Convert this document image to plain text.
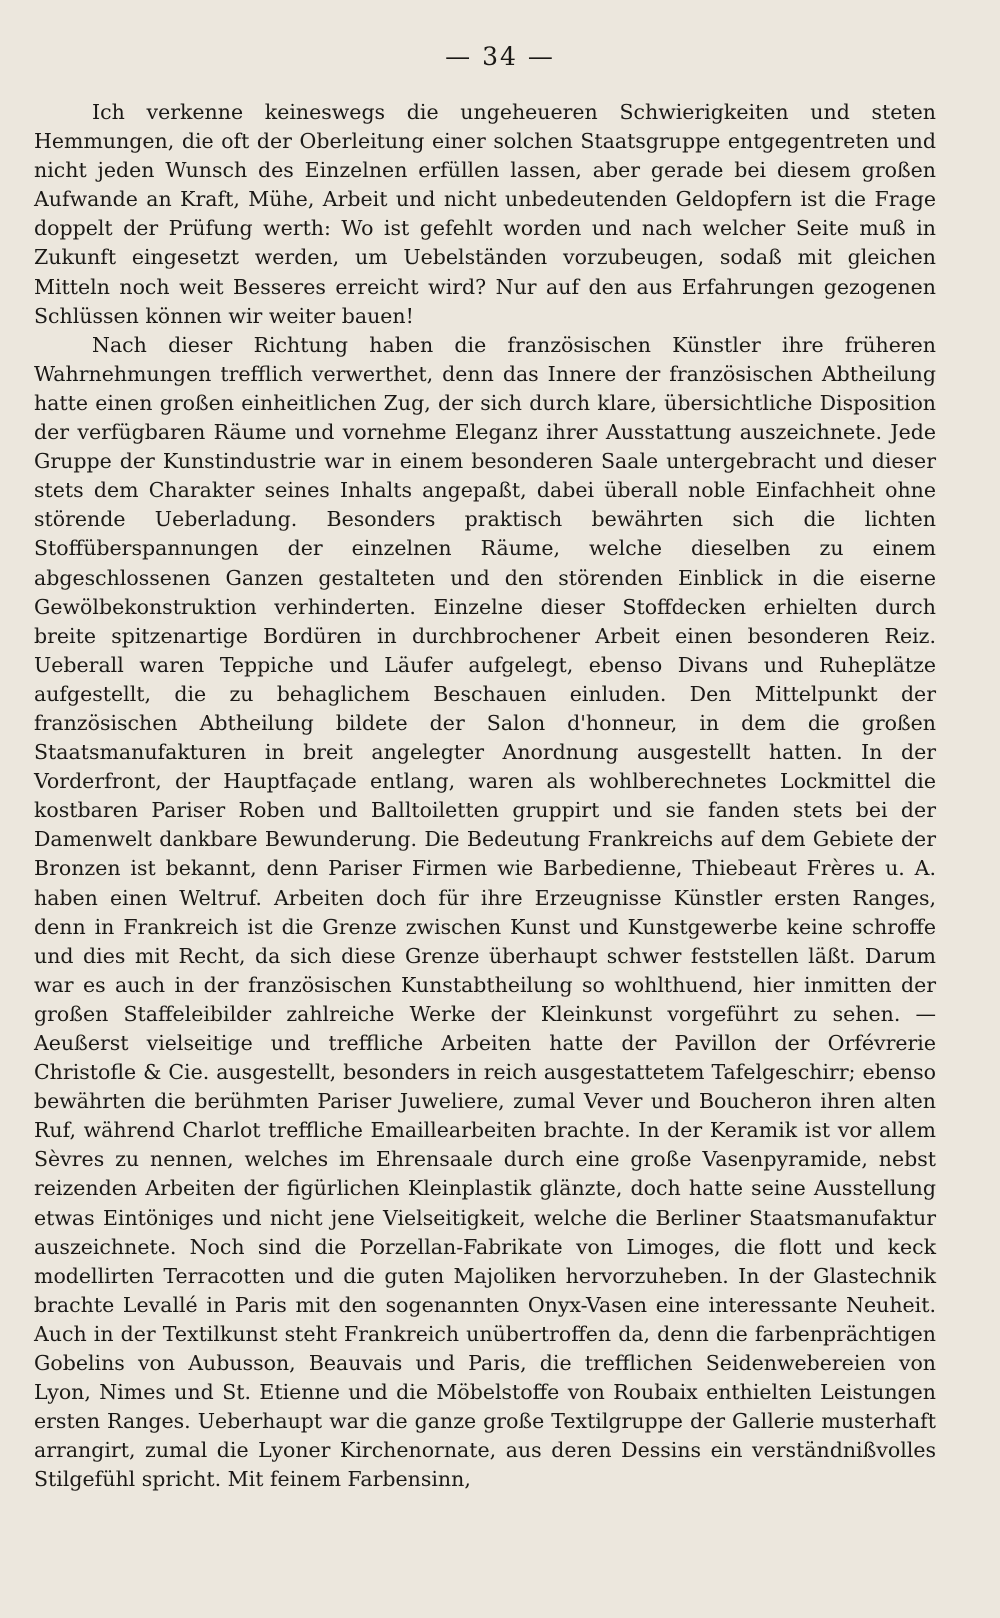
— 34 —

Ich verkenne keineswegs die ungeheueren Schwierigkeiten und steten Hemmungen, die oft der Oberleitung einer solchen Staatsgruppe entgegentreten und nicht jeden Wunsch des Einzelnen erfüllen lassen, aber gerade bei diesem großen Aufwande an Kraft, Mühe, Arbeit und nicht unbedeutenden Geldopfern ist die Frage doppelt der Prüfung werth: Wo ist gefehlt worden und nach welcher Seite muß in Zukunft eingesetzt werden, um Uebelständen vorzubeugen, sodaß mit gleichen Mitteln noch weit Besseres erreicht wird? Nur auf den aus Erfahrungen gezogenen Schlüssen können wir weiter bauen!

Nach dieser Richtung haben die französischen Künstler ihre früheren Wahrnehmungen trefflich verwerthet, denn das Innere der französischen Abtheilung hatte einen großen einheitlichen Zug, der sich durch klare, übersichtliche Disposition der verfügbaren Räume und vornehme Eleganz ihrer Ausstattung auszeichnete. Jede Gruppe der Kunstindustrie war in einem besonderen Saale untergebracht und dieser stets dem Charakter seines Inhalts angepaßt, dabei überall noble Einfachheit ohne störende Ueberladung. Besonders praktisch bewährten sich die lichten Stoffüberspannungen der einzelnen Räume, welche dieselben zu einem abgeschlossenen Ganzen gestalteten und den störenden Einblick in die eiserne Gewölbekonstruktion verhinderten. Einzelne dieser Stoffdecken erhielten durch breite spitzenartige Bordüren in durchbrochener Arbeit einen besonderen Reiz. Ueberall waren Teppiche und Läufer aufgelegt, ebenso Divans und Ruheplätze aufgestellt, die zu behaglichem Beschauen einluden. Den Mittelpunkt der französischen Abtheilung bildete der Salon d'honneur, in dem die großen Staatsmanufakturen in breit angelegter Anordnung ausgestellt hatten. In der Vorderfront, der Hauptfaçade entlang, waren als wohlberechnetes Lockmittel die kostbaren Pariser Roben und Balltoiletten gruppirt und sie fanden stets bei der Damenwelt dankbare Bewunderung. Die Bedeutung Frankreichs auf dem Gebiete der Bronzen ist bekannt, denn Pariser Firmen wie Barbedienne, Thiebeaut Frères u. A. haben einen Weltruf. Arbeiten doch für ihre Erzeugnisse Künstler ersten Ranges, denn in Frankreich ist die Grenze zwischen Kunst und Kunstgewerbe keine schroffe und dies mit Recht, da sich diese Grenze überhaupt schwer feststellen läßt. Darum war es auch in der französischen Kunstabtheilung so wohlthuend, hier inmitten der großen Staffeleibilder zahlreiche Werke der Kleinkunst vorgeführt zu sehen. — Aeußerst vielseitige und treffliche Arbeiten hatte der Pavillon der Orfévrerie Christofle & Cie. ausgestellt, besonders in reich ausgestattetem Tafelgeschirr; ebenso bewährten die berühmten Pariser Juweliere, zumal Vever und Boucheron ihren alten Ruf, während Charlot treffliche Emaillearbeiten brachte. In der Keramik ist vor allem Sèvres zu nennen, welches im Ehrensaale durch eine große Vasenpyramide, nebst reizenden Arbeiten der figürlichen Kleinplastik glänzte, doch hatte seine Ausstellung etwas Eintöniges und nicht jene Vielseitigkeit, welche die Berliner Staatsmanufaktur auszeichnete. Noch sind die Porzellan-Fabrikate von Limoges, die flott und keck modellirten Terracotten und die guten Majoliken hervorzuheben. In der Glastechnik brachte Levallé in Paris mit den sogenannten Onyx-Vasen eine interessante Neuheit. Auch in der Textilkunst steht Frankreich unübertroffen da, denn die farbenprächtigen Gobelins von Aubusson, Beauvais und Paris, die trefflichen Seidenwebereien von Lyon, Nimes und St. Etienne und die Möbelstoffe von Roubaix enthielten Leistungen ersten Ranges. Ueberhaupt war die ganze große Textilgruppe der Gallerie musterhaft arrangirt, zumal die Lyoner Kirchenornate, aus deren Dessins ein verständnißvolles Stilgefühl spricht. Mit feinem Farbensinn,
